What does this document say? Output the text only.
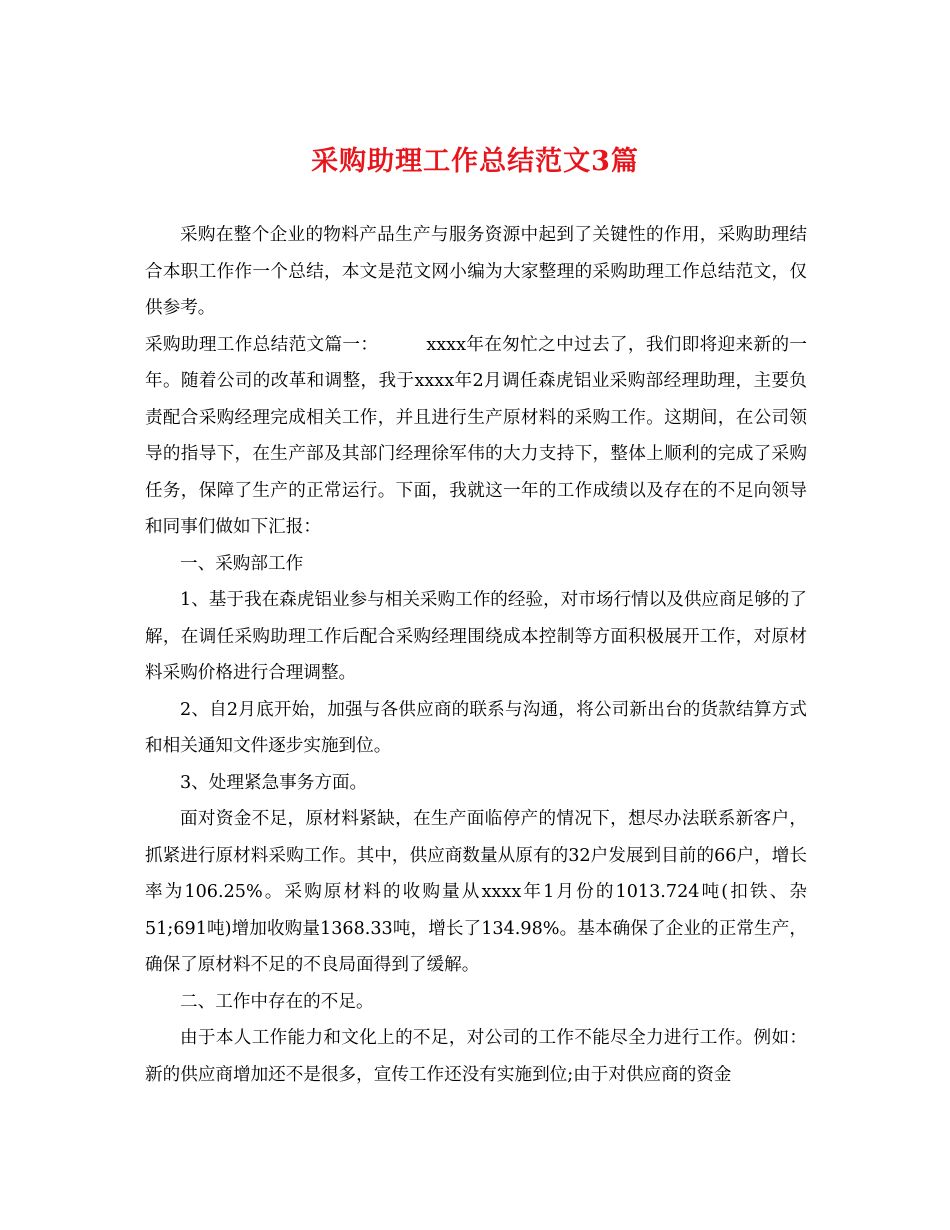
采购助理工作总结范文3篇

采购在整个企业的物料产品生产与服务资源中起到了关键性的作用，采购助理结合本职工作作一个总结，本文是范文网小编为大家整理的采购助理工作总结范文，仅供参考。

采购助理工作总结范文篇一：	xxxx年在匆忙之中过去了，我们即将迎来新的一年。随着公司的改革和调整，我于xxxx年2月调任森虎铝业采购部经理助理，主要负责配合采购经理完成相关工作，并且进行生产原材料的采购工作。这期间，在公司领导的指导下，在生产部及其部门经理徐军伟的大力支持下，整体上顺利的完成了采购任务，保障了生产的正常运行。下面，我就这一年的工作成绩以及存在的不足向领导和同事们做如下汇报：

一、采购部工作

1、基于我在森虎铝业参与相关采购工作的经验，对市场行情以及供应商足够的了解，在调任采购助理工作后配合采购经理围绕成本控制等方面积极展开工作，对原材料采购价格进行合理调整。

2、自2月底开始，加强与各供应商的联系与沟通，将公司新出台的货款结算方式和相关通知文件逐步实施到位。

3、处理紧急事务方面。

面对资金不足，原材料紧缺，在生产面临停产的情况下，想尽办法联系新客户，抓紧进行原材料采购工作。其中，供应商数量从原有的32户发展到目前的66户，增长率为106.25%。采购原材料的收购量从xxxx年1月份的1013.724吨(扣铁、杂51;691吨)增加收购量1368.33吨，增长了134.98%。基本确保了企业的正常生产，确保了原材料不足的不良局面得到了缓解。

二、工作中存在的不足。

由于本人工作能力和文化上的不足，对公司的工作不能尽全力进行工作。例如：新的供应商增加还不是很多，宣传工作还没有实施到位;由于对供应商的资金
